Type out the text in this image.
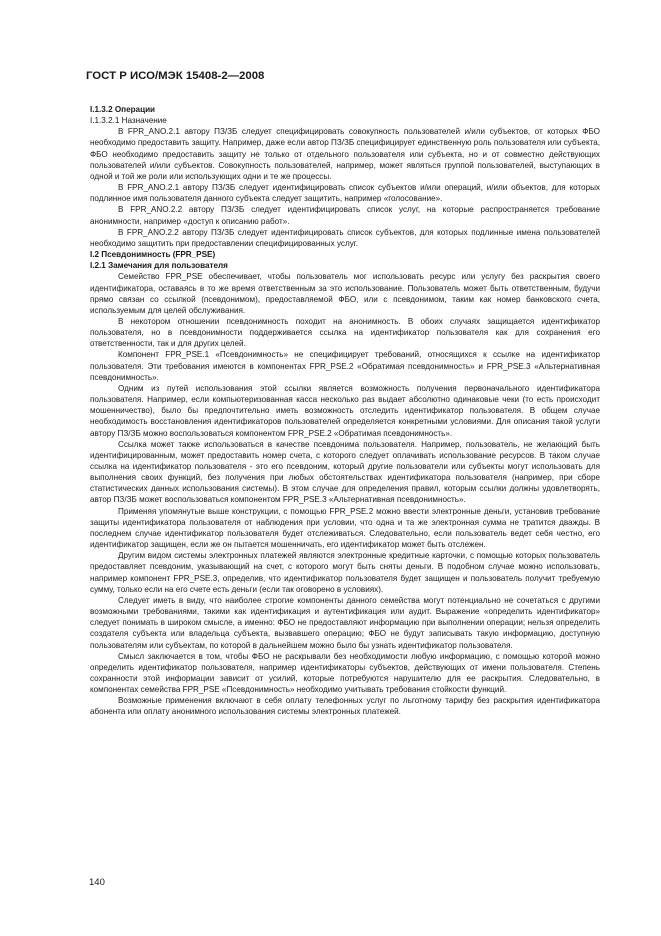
ГОСТ Р ИСО/МЭК 15408-2—2008

I.1.3.2 Операции

I.1.3.2.1 Назначение

В FPR_ANO.2.1 автору ПЗ/ЗБ следует специфицировать совокупность пользователей и/или субъектов, от которых ФБО необходимо предоставить защиту. Например, даже если автор ПЗ/ЗБ специфицирует единственную роль пользователя или субъекта, ФБО необходимо предоставить защиту не только от отдельного пользователя или субъекта, но и от совместно действующих пользователей и/или субъектов. Совокупность пользователей, например, может являться группой пользователей, выступающих в одной и той же роли или использующих одни и те же процессы.

В FPR_ANO.2.1 автору ПЗ/ЗБ следует идентифицировать список субъектов и/или операций, и/или объектов, для которых подлинное имя пользователя данного субъекта следует защитить, например «голосование».

В FPR_ANO.2.2 автору ПЗ/ЗБ следует идентифицировать список услуг, на которые распространяется требование анонимности, например «доступ к описанию работ».

В FPR_ANO.2.2 автору ПЗ/ЗБ следует идентифицировать список субъектов, для которых подлинные имена пользователей необходимо защитить при предоставлении специфицированных услуг.

I.2 Псевдонимность (FPR_PSE)

I.2.1 Замечания для пользователя

Семейство FPR_PSE обеспечивает, чтобы пользователь мог использовать ресурс или услугу без раскрытия своего идентификатора, оставаясь в то же время ответственным за это использование. Пользователь может быть ответственным, будучи прямо связан со ссылкой (псевдонимом), предоставляемой ФБО, или с псевдонимом, таким как номер банковского счета, используемым для целей обслуживания.

В некотором отношении псевдонимность походит на анонимность. В обоих случаях защищается идентификатор пользователя, но в псевдонимности поддерживается ссылка на идентификатор пользователя как для сохранения его ответственности, так и для других целей.

Компонент FPR_PSE.1 «Псевдонимность» не специфицирует требований, относящихся к ссылке на идентификатор пользователя. Эти требования имеются в компонентах FPR_PSE.2 «Обратимая псевдонимность» и FPR_PSE.3 «Альтернативная псевдонимность».

Одним из путей использования этой ссылки является возможность получения первоначального идентификатора пользователя. Например, если компьютеризованная касса несколько раз выдает абсолютно одинаковые чеки (то есть происходит мошенничество), было бы предпочтительно иметь возможность отследить идентификатор пользователя. В общем случае необходимость восстановления идентификаторов пользователей определяется конкретными условиями. Для описания такой услуги автору ПЗ/ЗБ можно воспользоваться компонентом FPR_PSE.2 «Обратимая псевдонимность».

Ссылка может также использоваться в качестве псевдонима пользователя. Например, пользователь, не желающий быть идентифицированным, может предоставить номер счета, с которого следует оплачивать использование ресурсов. В таком случае ссылка на идентификатор пользователя - это его псевдоним, который другие пользователи или субъекты могут использовать для выполнения своих функций, без получения при любых обстоятельствах идентификатора пользователя (например, при сборе статистических данных использования системы). В этом случае для определения правил, которым ссылки должны удовлетворять, автор ПЗ/ЗБ может воспользоваться компонентом FPR_PSE.3 «Альтернативная псевдонимность».

Применяя упомянутые выше конструкции, с помощью FPR_PSE.2 можно ввести электронные деньги, установив требование защиты идентификатора пользователя от наблюдения при условии, что одна и та же электронная сумма не тратится дважды. В последнем случае идентификатор пользователя будет отслеживаться. Следовательно, если пользователь ведет себя честно, его идентификатор защищен, если же он пытается мошенничать, его идентификатор может быть отслежен.

Другим видом системы электронных платежей являются электронные кредитные карточки, с помощью которых пользователь предоставляет псевдоним, указывающий на счет, с которого могут быть сняты деньги. В подобном случае можно использовать, например компонент FPR_PSE.3, определив, что идентификатор пользователя будет защищен и пользователь получит требуемую сумму, только если на его счете есть деньги (если так оговорено в условиях).

Следует иметь в виду, что наиболее строгие компоненты данного семейства могут потенциально не сочетаться с другими возможными требованиями, такими как идентификация и аутентификация или аудит. Выражение «определить идентификатор» следует понимать в широком смысле, а именно: ФБО не предоставляют информацию при выполнении операции; нельзя определить создателя субъекта или владельца субъекта, вызвавшего операцию; ФБО не будут записывать такую информацию, доступную пользователям или субъектам, по которой в дальнейшем можно было бы узнать идентификатор пользователя.

Смысл заключается в том, чтобы ФБО не раскрывали без необходимости любую информацию, с помощью которой можно определить идентификатор пользователя, например идентификаторы субъектов, действующих от имени пользователя. Степень сохранности этой информации зависит от усилий, которые потребуются нарушителю для ее раскрытия. Следовательно, в компонентах семейства FPR_PSE «Псевдонимность» необходимо учитывать требования стойкости функций.

Возможные применения включают в себя оплату телефонных услуг по льготному тарифу без раскрытия идентификатора абонента или оплату анонимного использования системы электронных платежей.

140
